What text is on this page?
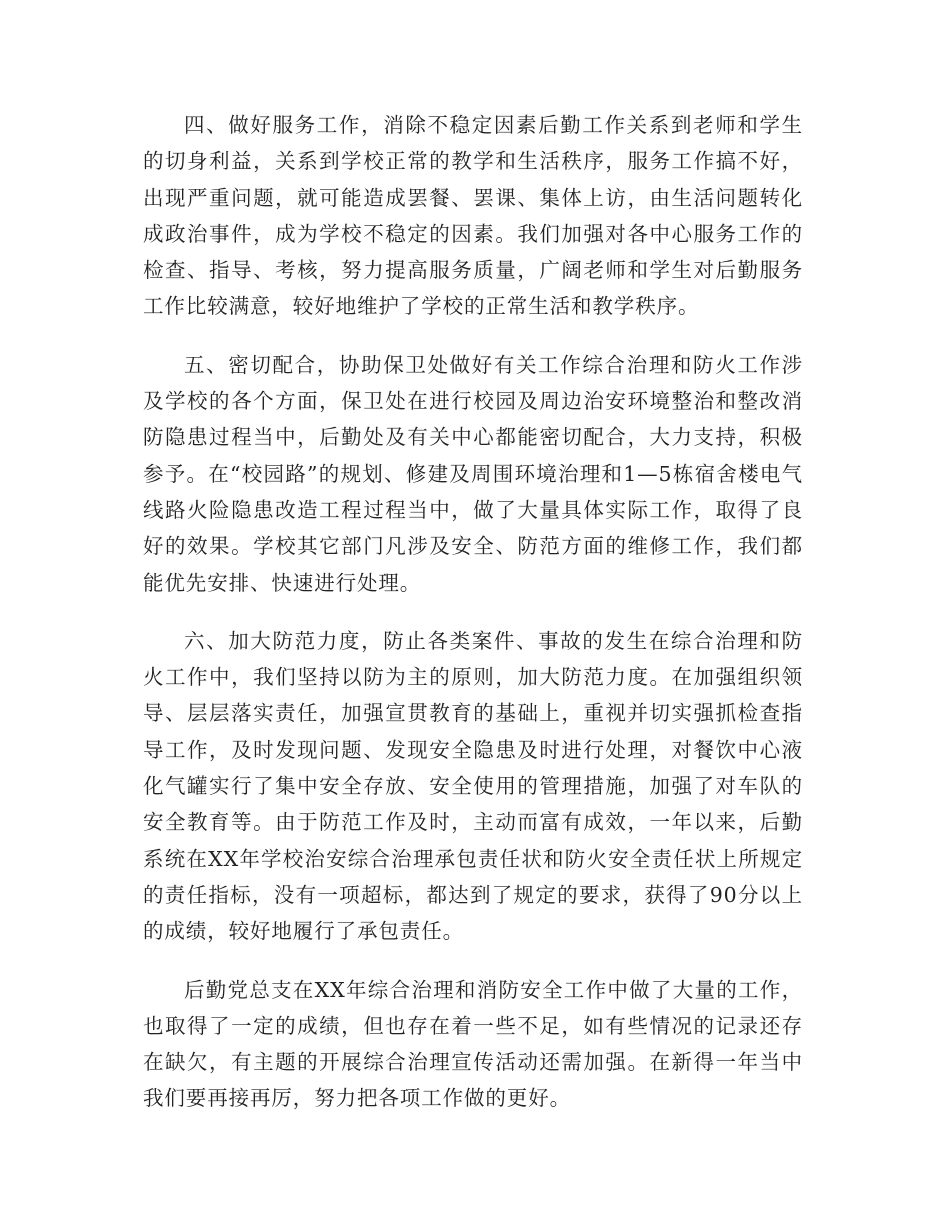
四、做好服务工作，消除不稳定因素后勤工作关系到老师和学生的切身利益，关系到学校正常的教学和生活秩序，服务工作搞不好，出现严重问题，就可能造成罢餐、罢课、集体上访，由生活问题转化成政治事件，成为学校不稳定的因素。我们加强对各中心服务工作的检查、指导、考核，努力提高服务质量，广阔老师和学生对后勤服务工作比较满意，较好地维护了学校的正常生活和教学秩序。

五、密切配合，协助保卫处做好有关工作综合治理和防火工作涉及学校的各个方面，保卫处在进行校园及周边治安环境整治和整改消防隐患过程当中，后勤处及有关中心都能密切配合，大力支持，积极参予。在“校园路”的规划、修建及周围环境治理和1—5栋宿舍楼电气线路火险隐患改造工程过程当中，做了大量具体实际工作，取得了良好的效果。学校其它部门凡涉及安全、防范方面的维修工作，我们都能优先安排、快速进行处理。

六、加大防范力度，防止各类案件、事故的发生在综合治理和防火工作中，我们坚持以防为主的原则，加大防范力度。在加强组织领导、层层落实责任，加强宣贯教育的基础上，重视并切实强抓检查指导工作，及时发现问题、发现安全隐患及时进行处理，对餐饮中心液化气罐实行了集中安全存放、安全使用的管理措施，加强了对车队的安全教育等。由于防范工作及时，主动而富有成效，一年以来，后勤系统在XX年学校治安综合治理承包责任状和防火安全责任状上所规定的责任指标，没有一项超标，都达到了规定的要求，获得了90分以上的成绩，较好地履行了承包责任。

后勤党总支在XX年综合治理和消防安全工作中做了大量的工作，也取得了一定的成绩，但也存在着一些不足，如有些情况的记录还存在缺欠，有主题的开展综合治理宣传活动还需加强。在新得一年当中我们要再接再厉，努力把各项工作做的更好。
